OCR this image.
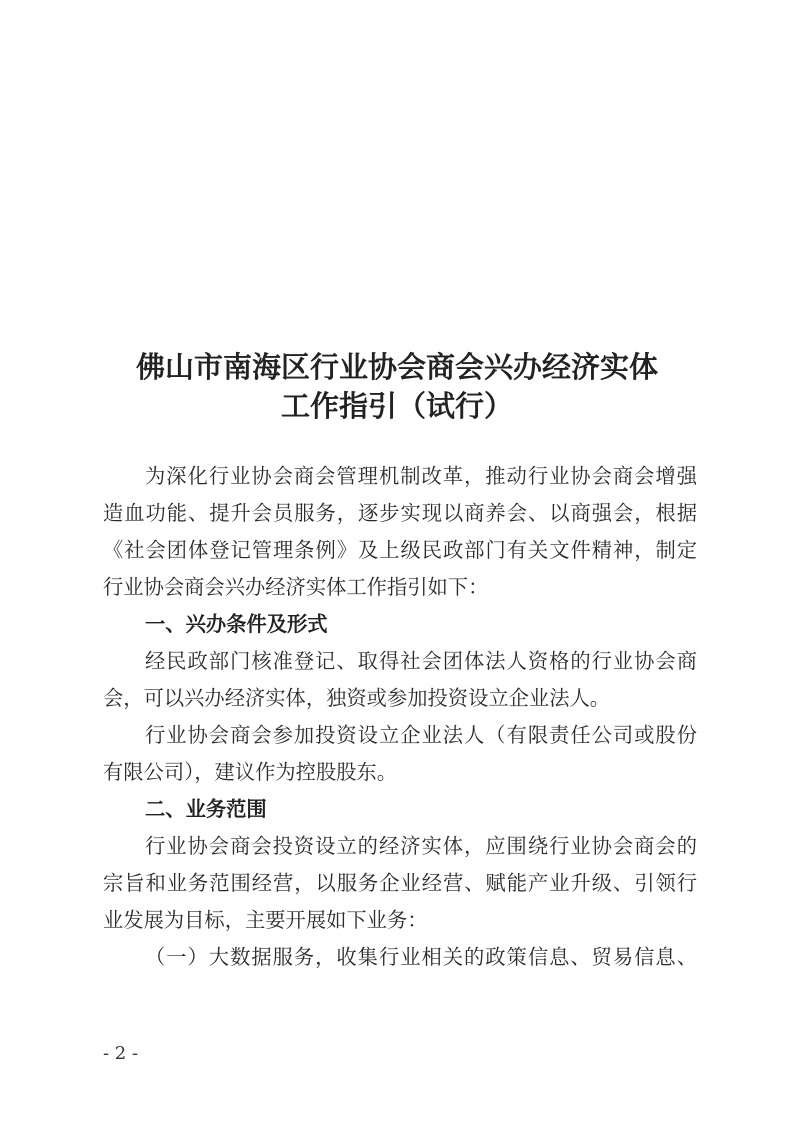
佛山市南海区行业协会商会兴办经济实体
工作指引（试行）
为深化行业协会商会管理机制改革，推动行业协会商会增强
造血功能、提升会员服务，逐步实现以商养会、以商强会，根据
《社会团体登记管理条例》及上级民政部门有关文件精神，制定
行业协会商会兴办经济实体工作指引如下：
一、兴办条件及形式
经民政部门核准登记、取得社会团体法人资格的行业协会商
会，可以兴办经济实体，独资或参加投资设立企业法人。
行业协会商会参加投资设立企业法人（有限责任公司或股份
有限公司），建议作为控股股东。
二、业务范围
行业协会商会投资设立的经济实体，应围绕行业协会商会的
宗旨和业务范围经营，以服务企业经营、赋能产业升级、引领行
业发展为目标，主要开展如下业务：
（一）大数据服务，收集行业相关的政策信息、贸易信息、
- 2 -
